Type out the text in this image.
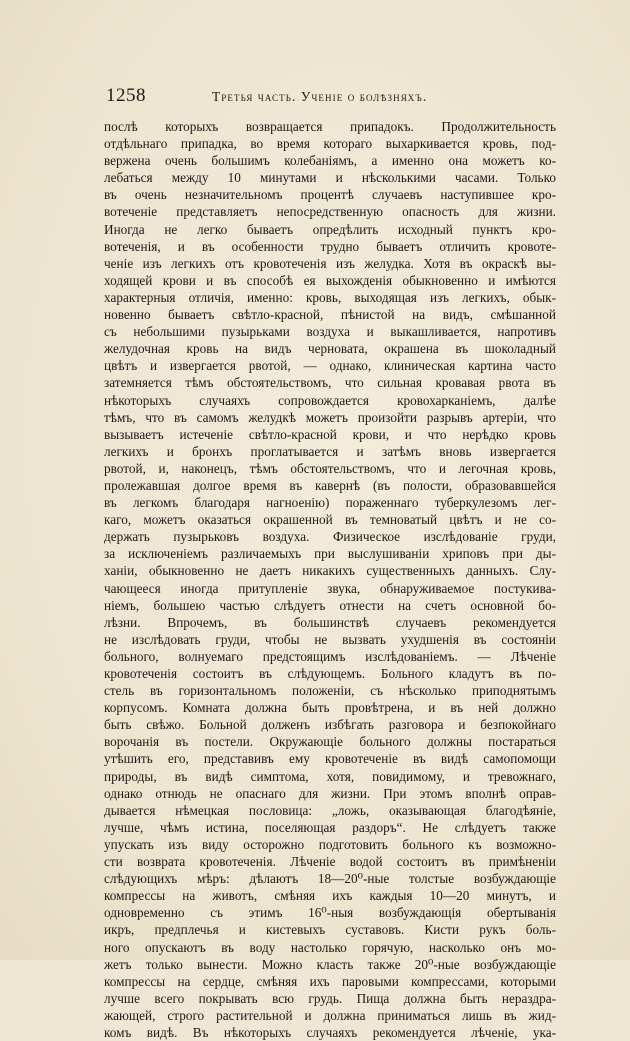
1258	Третья часть. Ученіе о болѣзняхъ.
послѣ которыхъ возвращается припадокъ. Продолжительность
отдѣльнаго припадка, во время котораго выхаркивается кровь, под-
вержена очень большимъ колебаніямъ, а именно она можетъ ко-
лебаться между 10 минутами и нѣсколькими часами. Только
въ очень незначительномъ процентѣ случаевъ наступившее кро-
вотеченіе представляетъ непосредственную опасность для жизни.
Иногда не легко бываетъ опредѣлить исходный пунктъ кро-
вотеченія, и въ особенности трудно бываетъ отличить кровоте-
ченіе изъ легкихъ отъ кровотеченія изъ желудка. Хотя въ окраскѣ вы-
ходящей крови и въ способѣ ея выхожденія обыкновенно и имѣются
характерныя отличія, именно: кровь, выходящая изъ легкихъ, обык-
новенно бываетъ свѣтло-красной, пѣнистой на видъ, смѣшанной
съ небольшими пузырьками воздуха и выкашливается, напротивъ
желудочная кровь на видъ черновата, окрашена въ шоколадный
цвѣтъ и извергается рвотой, — однако, клиническая картина часто
затемняется тѣмъ обстоятельствомъ, что сильная кровавая рвота въ
нѣкоторыхъ случаяхъ сопровождается кровохарканіемъ, далѣе
тѣмъ, что въ самомъ желудкѣ можетъ произойти разрывъ артеріи, что
вызываетъ истеченіе свѣтло-красной крови, и что нерѣдко кровь
легкихъ и бронхъ проглатывается и затѣмъ вновь извергается
рвотой, и, наконецъ, тѣмъ обстоятельствомъ, что и легочная кровь,
пролежавшая долгое время въ кавернѣ (въ полости, образовавшейся
въ легкомъ благодаря нагноенію) пораженнаго туберкулезомъ лег-
каго, можетъ оказаться окрашенной въ темноватый цвѣтъ и не со-
держать пузырьковъ воздуха. Физическое изслѣдованіе груди,
за исключеніемъ различаемыхъ при выслушиваніи хриповъ при ды-
ханіи, обыкновенно не даетъ никакихъ существенныхъ данныхъ. Слу-
чающееся иногда притупленіе звука, обнаруживаемое постукива-
ніемъ, большею частью слѣдуетъ отнести на счетъ основной бо-
лѣзни. Впрочемъ, въ большинствѣ случаевъ рекомендуется
не изслѣдовать груди, чтобы не вызвать ухудшенія въ состояніи
больного, волнуемаго предстоящимъ изслѣдованіемъ. — Лѣченіе
кровотеченія состоитъ въ слѣдующемъ. Больного кладутъ въ по-
стель въ горизонтальномъ положеніи, съ нѣсколько приподнятымъ
корпусомъ. Комната должна быть провѣтрена, и въ ней должно
быть свѣжо. Больной долженъ избѣгать разговора и безпокойнаго
ворочанія въ постели. Окружающіе больного должны постараться
утѣшить его, представивъ ему кровотеченіе въ видѣ самопомощи
природы, въ видѣ симптома, хотя, повидимому, и тревожнаго,
однако отнюдь не опаснаго для жизни. При этомъ вполнѣ оправ-
дывается нѣмецкая пословица: „ложь, оказывающая благодѣяніе,
лучше, чѣмъ истина, поселяющая раздоръ“. Не слѣдуетъ также
упускать изъ виду осторожно подготовить больного къ возможно-
сти возврата кровотеченія. Лѣченіе водой состоитъ въ примѣненіи
слѣдующихъ мѣръ: дѣлаютъ 18—20⁰-ные толстые возбуждающіе
компрессы на животъ, смѣняя ихъ каждыя 10—20 минутъ, и
одновременно съ этимъ 16⁰-ныя возбуждающія обертыванія
икръ, предплечья и кистевыхъ суставовъ. Кисти рукъ боль-
ного опускаютъ въ воду настолько горячую, насколько онъ мо-
жетъ только вынести. Можно класть также 20⁰-ные возбуждающіе
компрессы на сердце, смѣняя ихъ паровыми компрессами, которыми
лучше всего покрывать всю грудь. Пища должна быть нераздра-
жающей, строго растительной и должна приниматься лишь въ жид-
комъ видѣ. Въ нѣкоторыхъ случаяхъ рекомендуется лѣченіе, ука-
